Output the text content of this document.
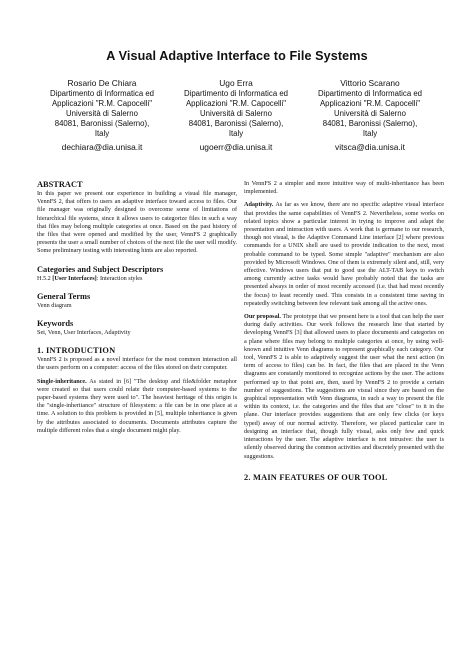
A Visual Adaptive Interface to File Systems
Rosario De Chiara
Dipartimento di Informatica ed
Applicazioni "R.M. Capocelli"
Università di Salerno
84081, Baronissi (Salerno),
Italy
dechiara@dia.unisa.it
Ugo Erra
Dipartimento di Informatica ed
Applicazioni "R.M. Capocelli"
Università di Salerno
84081, Baronissi (Salerno),
Italy
ugoerr@dia.unisa.it
Vittorio Scarano
Dipartimento di Informatica ed
Applicazioni "R.M. Capocelli"
Università di Salerno
84081, Baronissi (Salerno),
Italy
vitsca@dia.unisa.it
ABSTRACT

In this paper we present our experience in building a visual file manager, VennFS 2, that offers to users an adaptive interface toward access to files. Our file manager was originally designed to overcome some of limitations of hierarchical file systems, since it allows users to categorize files in such a way that files may belong multiple categories at once. Based on the past history of the files that were opened and modified by the user, VennFS 2 graphically presents the user a small number of choices of the next file the user will modify. Some preliminary testing with interesting hints are also reported.

Categories and Subject Descriptors

H.5.2 [User Interfaces]: Interaction styles

General Terms

Venn diagram

Keywords

Set, Venn, User Interfaces, Adaptivity

1. INTRODUCTION

VennFS 2 is proposed as a novel interface for the most common interaction all the users perform on a computer: access of the files stored on their computer.

Single-inheritance. As stated in [6] "The desktop and file&folder metaphor were created so that users could relate their computer-based systems to the paper-based systems they were used to". The heaviest heritage of this origin is the "single-inheritance" structure of filesystem: a file can be in one place at a time. A solution to this problem is provided in [5], multiple inheritance is given by the attributes associated to documents. Documents attributes capture the multiple different roles that a single document might play.

In VennFS 2 a simpler and more intuitive way of multi-inheritance has been implemented.

Adaptivity. As far as we know, there are no specific adaptive visual interface that provides the same capabilities of VennFS 2. Nevertheless, some works on related topics show a particular interest in trying to improve and adapt the presentation and interaction with users. A work that is germane to our research, though not visual, is the Adaptive Command Line interface [2] where previous commands for a UNIX shell are used to provide indication to the next, most probable command to be typed. Some simple "adaptive" mechanism are also provided by Microsoft Windows. One of them is extremely silent and, still, very effective. Windows users that put to good use the ALT-TAB keys to switch among currently active tasks would have probably noted that the tasks are presented always in order of most recently accessed (i.e. that had most recently the focus) to least recently used. This consists in a consistent time saving in repeatedly switching between few relevant task among all the active ones.

Our proposal. The prototype that we present here is a tool that can help the user during daily activities. Our work follows the research line that started by developing VennFS [3] that allowed users to place documents and categories on a plane where files may belong to multiple categories at once, by using well-known and intuitive Venn diagrams to represent graphically each category. Our tool, VennFS 2 is able to adaptively suggest the user what the next action (in term of access to files) can be. In fact, the files that are placed in the Venn diagrams are constantly monitored to recognize actions by the user. The actions performed up to that point are, then, used by VennFS 2 to provide a certain number of suggestions. The suggestions are visual since they are based on the graphical representation with Venn diagrams, in such a way to present the file within its context, i.e. the categories and the files that are "close" to it in the plane. Our interface provides suggestions that are only few clicks (or keys typed) away of our normal activity. Therefore, we placed particular care in designing an interface that, though fully visual, asks only few and quick interactions by the user. The adaptive interface is not intrusive: the user is silently observed during the common activities and discretely presented with the suggestions.

2. MAIN FEATURES OF OUR TOOL
